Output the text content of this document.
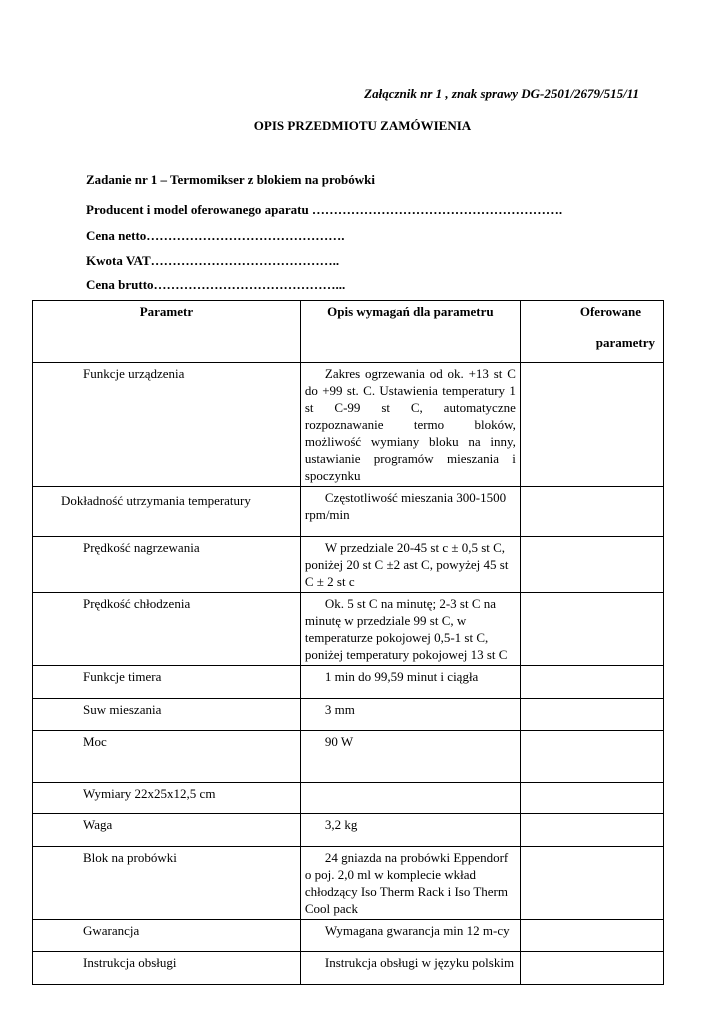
Załącznik nr 1 , znak sprawy DG-2501/2679/515/11
OPIS PRZEDMIOTU ZAMÓWIENIA
Zadanie nr 1 – Termomikser z blokiem na probówki
Producent i model oferowanego aparatu ………………………………………………….
Cena netto……………………………………….
Kwota VAT……………………………………..
Cena brutto……………………………………...
Parametr	Opis wymagań dla parametru	Oferowane
parametry

Funkcje urządzenia	Zakres ogrzewania od ok. +13 st C do +99 st. C. Ustawienia temperatury 1 st C-99 st C, automatyczne rozpoznawanie termo bloków, możliwość wymiany bloku na inny, ustawianie programów mieszania i spoczynku	

Dokładność utrzymania temperatury	Częstotliwość mieszania 300-1500 rpm/min	
Prędkość nagrzewania	W przedziale 20-45 st c ± 0,5 st C, poniżej 20 st C ±2 ast C, powyżej 45 st C ± 2 st c	
Prędkość chłodzenia	Ok. 5 st C na minutę; 2-3 st C na minutę w przedziale 99 st C, w temperaturze pokojowej 0,5-1 st C, poniżej temperatury pokojowej 13 st C	
Funkcje timera	1 min do 99,59 minut i ciągła	
Suw mieszania	3 mm	
Moc	90 W	
Wymiary 22x25x12,5 cm		
Waga	3,2 kg	
Blok na probówki	24 gniazda na probówki Eppendorf o poj. 2,0 ml w komplecie wkład chłodzący Iso Therm Rack i Iso Therm Cool pack	
Gwarancja	Wymagana gwarancja min 12 m-cy	
Instrukcja obsługi	Instrukcja obsługi w języku polskim	
